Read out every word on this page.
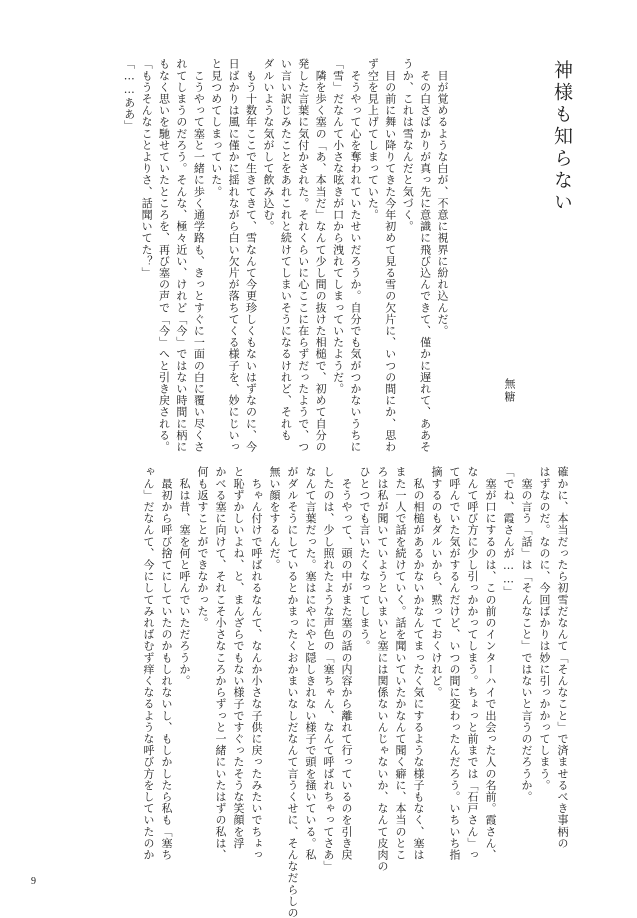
神様も知らない
無糖
　目が覚めるような白が、不意に視界に紛れ込んだ。
　その白さばかりが真っ先に意識に飛び込んできて、僅かに遅れて、ああそ
うか、これは雪なんだと気づく。
　目の前に舞い降りてきた今年初めて見る雪の欠片に、いつの間にか、思わ
ず空を見上げてしまっていた。
　そうやって心を奪われていたせいだろうか。自分でも気がつかないうちに
「雪」だなんて小さな呟きが口から洩れてしまっていたようだ。
　隣を歩く塞の「あ、本当だ」なんて少し間の抜けた相槌で、初めて自分の
発した言葉に気付かされた。それくらいに心ここに在らずだったようで、つ
い言い訳じみたことをあれこれと続けてしまいそうになるけれど、それも
ダルいような気がして飲み込む。
　もう十数年ここで生きてきて、雪なんて今更珍しくもないはずなのに、今
日ばかりは風に僅かに揺れながら白い欠片が落ちてくる様子を、妙にじいっ
と見つめてしまっていた。
　こうやって塞と一緒に歩く通学路も、きっとすぐに一面の白に覆い尽くさ
れてしまうのだろう。そんな、極々近い、けれど「今」ではない時間に柄に
もなく思いを馳せていたところを、再び塞の声で「今」へと引き戻される。
「もうそんなことよりさ、話聞いてた？」
「……ああ」
確かに、本当だったら初雪だなんて「そんなこと」で済ませるべき事柄の
はずなのだ。なのに、今回ばかりは妙に引っかかってしまう。
　塞の言う「話」は「そんなこと」ではないと言うのだろうか。
「でね、霞さんが……」
　塞が口にするのは、この前のインターハイで出会った人の名前。霞さん、
なんて呼び方に少し引っかかってしまう。ちょっと前までは「石戸さん」っ
て呼んでいた気がするんだけど、いつの間に変わったんだろう。いちいち指
摘するのもダルいから、黙っておくけれど。
　私の相槌があるかないかなんてまったく気にするような様子もなく、塞は
また一人で話を続けていく。話を聞いていたかなんて聞く癖に、本当のとこ
ろは私が聞いていようといまいと塞には関係ないんじゃないか、なんて皮肉の
ひとつでも言いたくなってしまう。
　そうやって、頭の中がまた塞の話の内容から離れて行っているのを引き戻
したのは、少し照れたような声色の「塞ちゃん、なんて呼ばれちゃってさあ」
なんて言葉だった。塞はにやにやと隠しきれない様子で頭を掻いている。私
がダルそうにしているとかまったくおかまいなしだなんて言うくせに、そんなだらしの
無い顔をするんだ。
　ちゃん付けで呼ばれるなんて、なんか小さな子供に戻ったみたいでちょっ
と恥ずかしいよね、と、まんざらでもない様子ですぐったそうな笑顔を浮
かべる塞に向けて、それこそ小さなころからずっと一緒にいたはずの私は、
何も返すことができなかった。
　私は昔、塞を何と呼んでいただろうか。
　最初から呼び捨てにしていたのかもしれないし、もしかしたら私も「塞ち
ゃん」だなんて、今にしてみればむず痒くなるような呼び方をしていたのか
9
